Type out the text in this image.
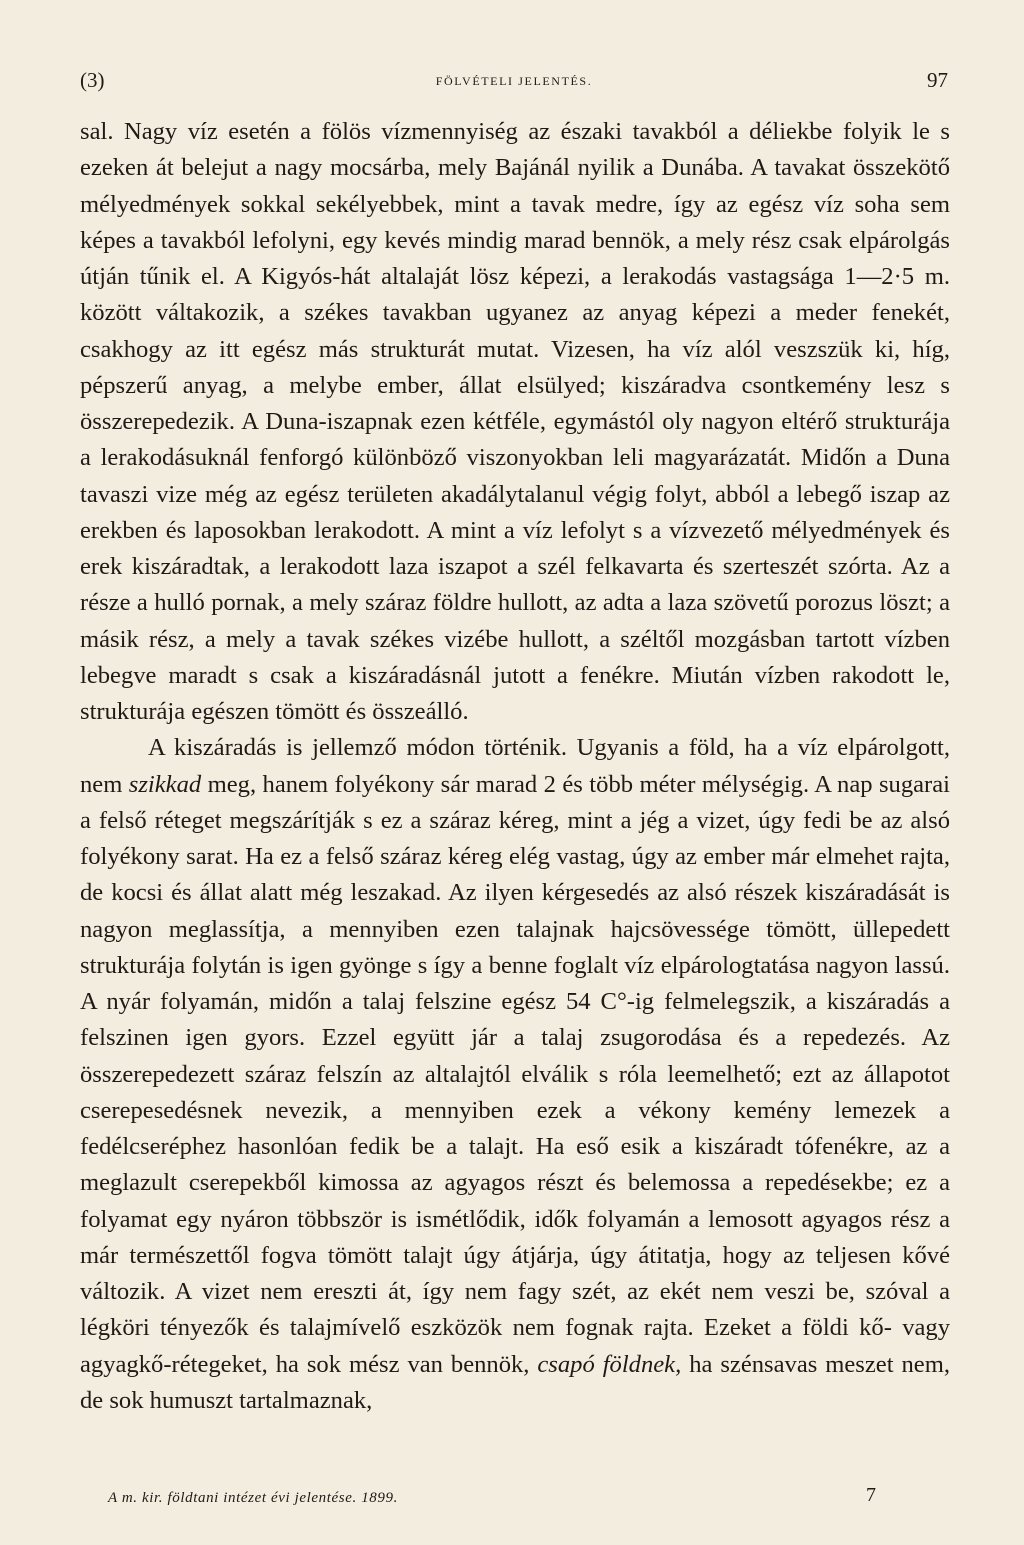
(3)	FÖLVÉTELI JELENTÉS.	97

sal. Nagy víz esetén a fölös vízmennyiség az északi tavakból a déliekbe folyik le s ezeken át belejut a nagy mocsárba, mely Bajánál nyilik a Dunába. A tavakat összekötő mélyedmények sokkal sekélyebbek, mint a tavak medre, így az egész víz soha sem képes a tavakból lefolyni, egy kevés mindig marad bennök, a mely rész csak elpárolgás útján tűnik el. A Kigyós-hát altalaját lösz képezi, a lerakodás vastagsága 1—2·5 m. között váltakozik, a székes tavakban ugyanez az anyag képezi a meder fenekét, csakhogy az itt egész más strukturát mutat. Vizesen, ha víz alól veszszük ki, híg, pépszerű anyag, a melybe ember, állat elsülyed; kiszáradva csontkemény lesz s összerepedezik. A Duna-iszapnak ezen kétféle, egymástól oly nagyon eltérő strukturája a lerakodásuknál fenforgó különböző viszonyokban leli magyarázatát. Midőn a Duna tavaszi vize még az egész területen akadálytalanul végig folyt, abból a lebegő iszap az erekben és laposokban lerakodott. A mint a víz lefolyt s a vízvezető mélyedmények és erek kiszáradtak, a lerakodott laza iszapot a szél felkavarta és szerteszét szórta. Az a része a hulló pornak, a mely száraz földre hullott, az adta a laza szövetű porozus löszt; a másik rész, a mely a tavak székes vizébe hullott, a széltől mozgásban tartott vízben lebegve maradt s csak a kiszáradásnál jutott a fenékre. Miután vízben rakodott le, strukturája egészen tömött és összeálló.

A kiszáradás is jellemző módon történik. Ugyanis a föld, ha a víz elpárolgott, nem szikkad meg, hanem folyékony sár marad 2 és több méter mélységig. A nap sugarai a felső réteget megszárítják s ez a száraz kéreg, mint a jég a vizet, úgy fedi be az alsó folyékony sarat. Ha ez a felső száraz kéreg elég vastag, úgy az ember már elmehet rajta, de kocsi és állat alatt még leszakad. Az ilyen kérgesedés az alsó részek kiszáradását is nagyon meglassítja, a mennyiben ezen talajnak hajcsövessége tömött, üllepedett strukturája folytán is igen gyönge s így a benne foglalt víz elpárologtatása nagyon lassú. A nyár folyamán, midőn a talaj felszine egész 54 C°-ig felmelegszik, a kiszáradás a felszinen igen gyors. Ezzel együtt jár a talaj zsugorodása és a repedezés. Az összerepedezett száraz felszín az altalajtól elválik s róla leemelhető; ezt az állapotot cserepesedésnek nevezik, a mennyiben ezek a vékony kemény lemezek a fedélcseréphez hasonlóan fedik be a talajt. Ha eső esik a kiszáradt tófenékre, az a meglazult cserepekből kimossa az agyagos részt és belemossa a repedésekbe; ez a folyamat egy nyáron többször is ismétlődik, idők folyamán a lemosott agyagos rész a már természettől fogva tömött talajt úgy átjárja, úgy átitatja, hogy az teljesen kővé változik. A vizet nem ereszti át, így nem fagy szét, az ekét nem veszi be, szóval a légköri tényezők és talajmívelő eszközök nem fognak rajta. Ezeket a földi kő- vagy agyagkő-rétegeket, ha sok mész van bennök, csapó földnek, ha szénsavas meszet nem, de sok humuszt tartalmaznak,

A m. kir. földtani intézet évi jelentése. 1899.	7
